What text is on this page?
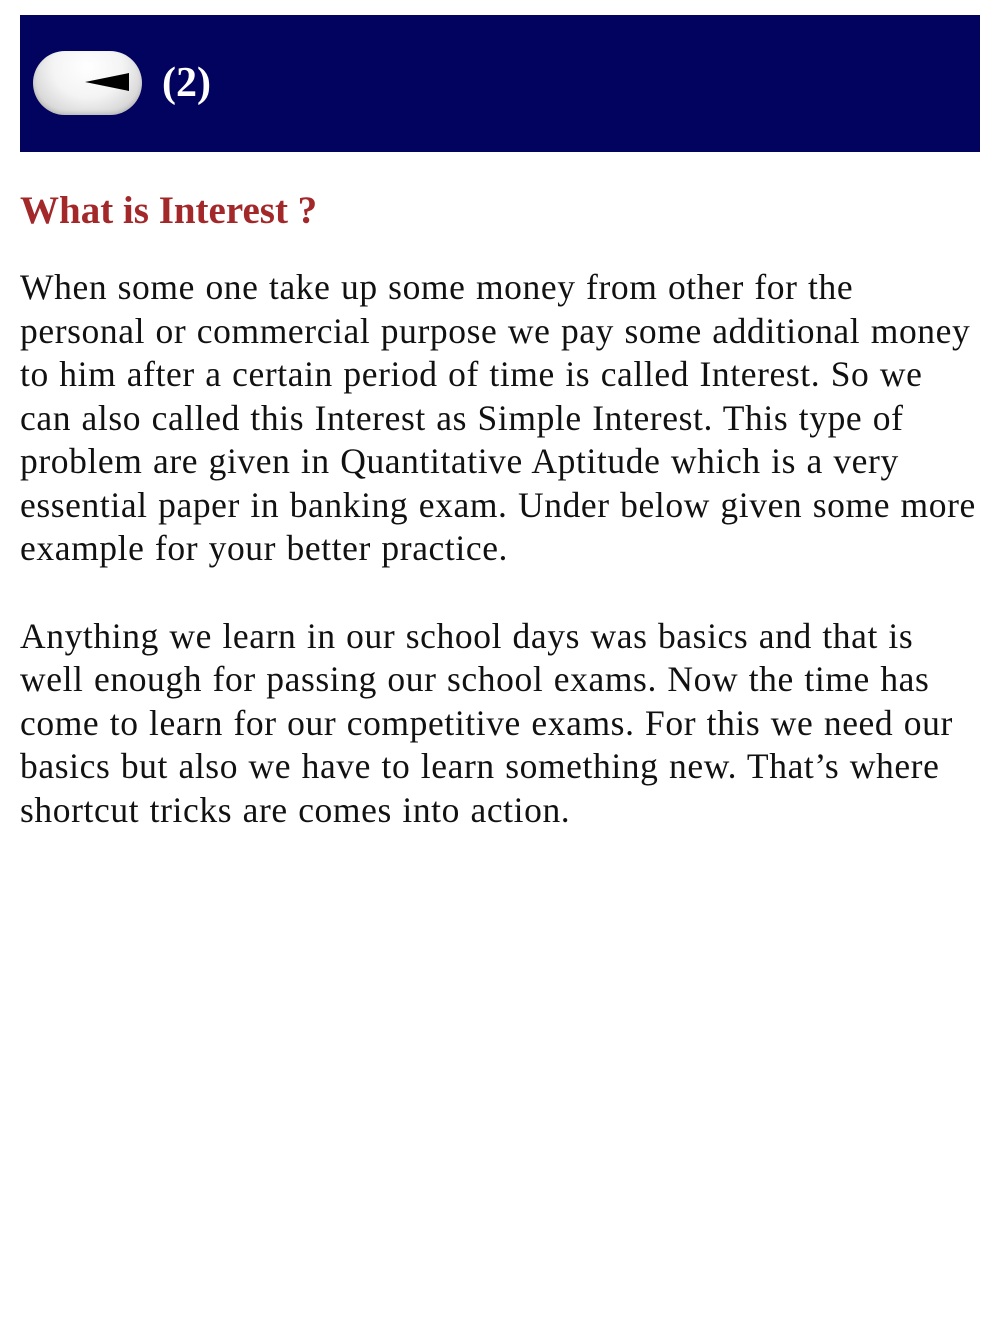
(2)
What is Interest ?

When some one take up some money from other for the personal or commercial purpose we pay some additional money to him after a certain period of time is called Interest. So we can also called this Interest as Simple Interest. This type of problem are given in Quantitative Aptitude which is a very essential paper in banking exam. Under below given some more example for your better practice.

Anything we learn in our school days was basics and that is well enough for passing our school exams. Now the time has come to learn for our competitive exams. For this we need our basics but also we have to learn something new. That’s where shortcut tricks are comes into action.
